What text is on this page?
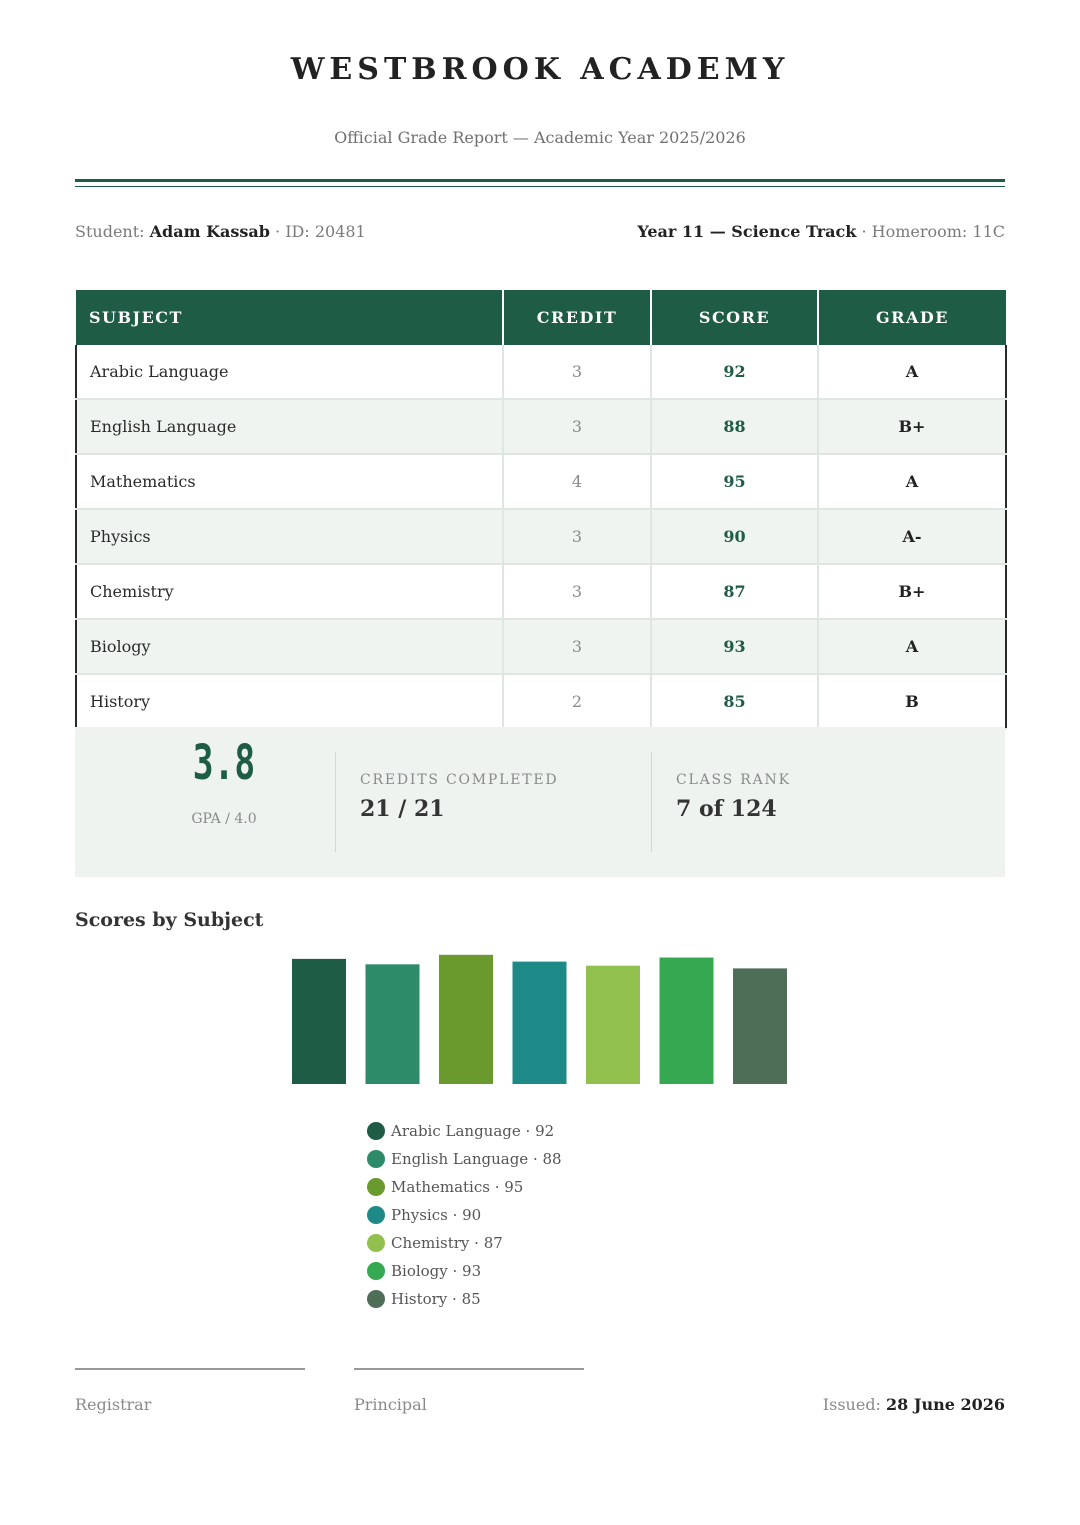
WESTBROOK ACADEMY
Official Grade Report — Academic Year 2025/2026
Student: Adam Kassab · ID: 20481	Year 11 — Science Track · Homeroom: 11C
SUBJECT	CREDIT	SCORE	GRADE
Arabic Language	3	92	A
English Language	3	88	B+
Mathematics	4	95	A
Physics	3	90	A-
Chemistry	3	87	B+
Biology	3	93	A
History	2	85	B
3.8
GPA / 4.0
CREDITS COMPLETED
21 / 21
CLASS RANK
7 of 124
Scores by Subject
Arabic Language · 92
English Language · 88
Mathematics · 95
Physics · 90
Chemistry · 87
Biology · 93
History · 85
Registrar	Principal	Issued: 28 June 2026
